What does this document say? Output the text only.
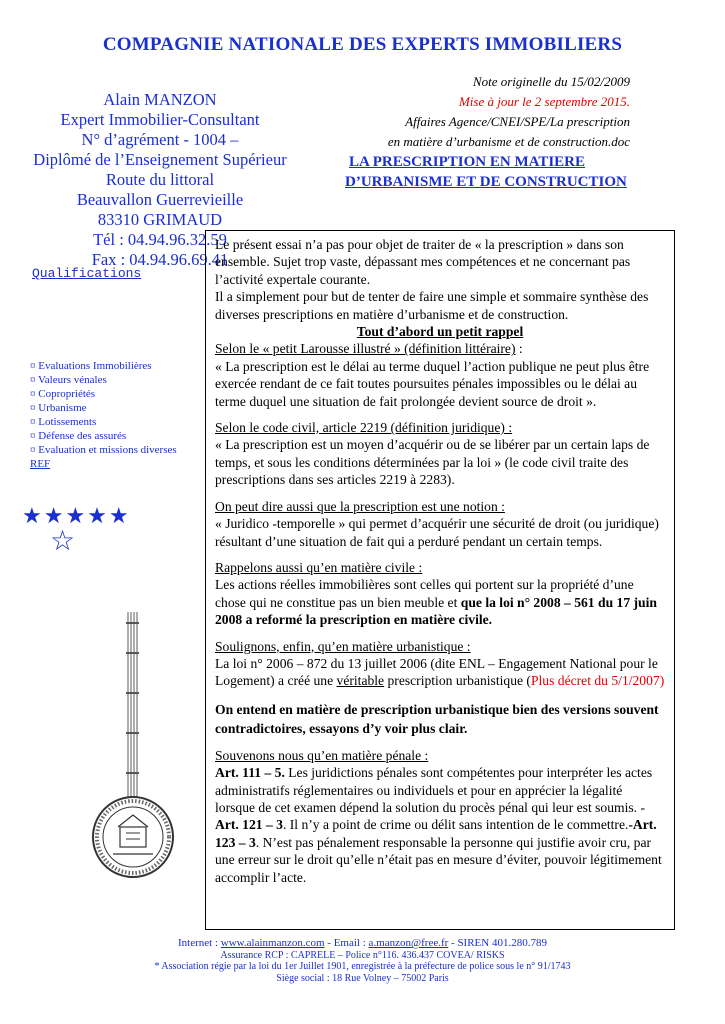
COMPAGNIE NATIONALE DES EXPERTS IMMOBILIERS
Alain MANZON
Expert Immobilier-Consultant
N° d’agrément - 1004 –
Diplômé de l’Enseignement Supérieur
Route du littoral
Beauvallon Guerrevieille
83310 GRIMAUD
Tél : 04.94.96.32.59
Fax : 04.94.96.69.41
Qualifications
¤ Evaluations Immobilières
¤ Valeurs vénales
¤ Copropriétés
¤ Urbanisme
¤ Lotissements
¤ Défense des assurés
¤ Evaluation et missions diverses
REF
Note originelle du 15/02/2009
Mise à jour le 2 septembre 2015.
Affaires Agence/CNEI/SPE/La prescription
en matière d’urbanisme et de construction.doc
LA PRESCRIPTION EN MATIERE
D’URBANISME ET DE CONSTRUCTION

Le présent essai n’a pas pour objet de traiter de « la prescription » dans son ensemble. Sujet trop vaste, dépassant mes compétences et ne concernant pas l’activité expertale courante.

Il a simplement pour but de tenter de faire une simple et sommaire synthèse des diverses prescriptions en matière d’urbanisme et de construction.

Tout d’abord un petit rappel

Selon le « petit Larousse illustré » (définition littéraire) :

« La prescription est le délai au terme duquel l’action publique ne peut plus être exercée rendant de ce fait toutes poursuites pénales impossibles ou le délai au terme duquel une situation de fait prolongée devient source de droit ».

Selon le code civil, article 2219 (définition juridique) :

« La prescription est un moyen d’acquérir ou de se libérer par un certain laps de temps, et sous les conditions déterminées par la loi » (le code civil traite des prescriptions dans ses articles 2219 à 2283).

On peut dire aussi que la prescription est une notion :

« Juridico -temporelle » qui permet d’acquérir une sécurité de droit (ou juridique) résultant d’une situation de fait qui a perduré pendant un certain temps.

Rappelons aussi qu’en matière civile :

Les actions réelles immobilières sont celles qui portent sur la propriété d’une chose qui ne constitue pas un bien meuble et que la loi n° 2008 – 561 du 17 juin 2008 a reformé la prescription en matière civile.

Soulignons, enfin, qu’en matière urbanistique :

La loi n° 2006 – 872 du 13 juillet 2006 (dite ENL – Engagement National pour le Logement) a créé une véritable prescription urbanistique (Plus décret du 5/1/2007)

On entend en matière de prescription urbanistique bien des versions souvent contradictoires, essayons d’y voir plus clair.

Souvenons nous qu’en matière pénale :

Art. 111 – 5. Les juridictions pénales sont compétentes pour interpréter les actes administratifs réglementaires ou individuels et pour en apprécier la légalité lorsque de cet examen dépend la solution du procès pénal qui leur est soumis. - Art. 121 – 3. Il n’y a point de crime ou délit sans intention de le commettre.-Art. 123 – 3. N’est pas pénalement responsable la personne qui justifie avoir cru, par une erreur sur le droit qu’elle n’était pas en mesure d’éviter, pouvoir légitimement accomplir l’acte.

★★★★★
☆
Internet : www.alainmanzon.com - Email : a.manzon@free.fr - SIREN 401.280.789
Assurance RCP : CAPRELE – Police n°116. 436.437 COVEA/ RISKS
* Association régie par la loi du 1er Juillet 1901, enregistrée à la préfecture de police sous le n° 91/1743
Siège social : 18 Rue Volney – 75002 Paris
